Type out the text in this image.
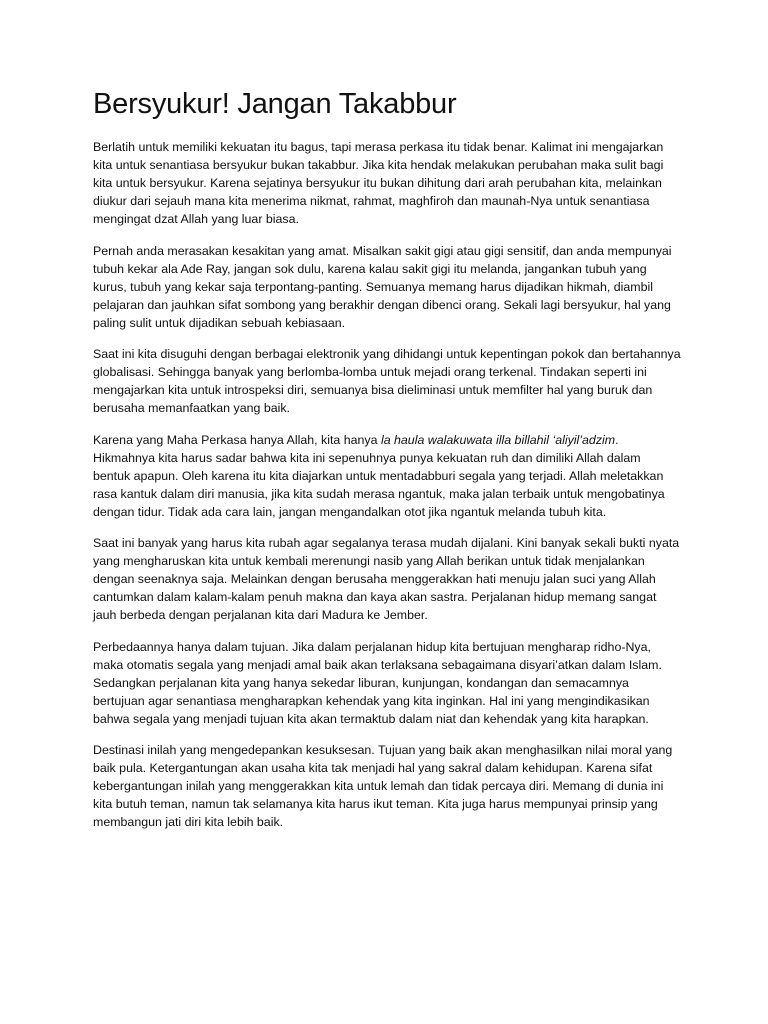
Bersyukur! Jangan Takabbur

Berlatih untuk memiliki kekuatan itu bagus, tapi merasa perkasa itu tidak benar. Kalimat ini mengajarkan kita untuk senantiasa bersyukur bukan takabbur. Jika kita hendak melakukan perubahan maka sulit bagi kita untuk bersyukur. Karena sejatinya bersyukur itu bukan dihitung dari arah perubahan kita, melainkan diukur dari sejauh mana kita menerima nikmat, rahmat, maghfiroh dan maunah-Nya untuk senantiasa mengingat dzat Allah yang luar biasa.

Pernah anda merasakan kesakitan yang amat. Misalkan sakit gigi atau gigi sensitif, dan anda mempunyai tubuh kekar ala Ade Ray, jangan sok dulu, karena kalau sakit gigi itu melanda, jangankan tubuh yang kurus, tubuh yang kekar saja terpontang-panting. Semuanya memang harus dijadikan hikmah, diambil pelajaran dan jauhkan sifat sombong yang berakhir dengan dibenci orang. Sekali lagi bersyukur, hal yang paling sulit untuk dijadikan sebuah kebiasaan.

Saat ini kita disuguhi dengan berbagai elektronik yang dihidangi untuk kepentingan pokok dan bertahannya globalisasi. Sehingga banyak yang berlomba-lomba untuk mejadi orang terkenal. Tindakan seperti ini mengajarkan kita untuk introspeksi diri, semuanya bisa dieliminasi untuk memfilter hal yang buruk dan berusaha memanfaatkan yang baik.

Karena yang Maha Perkasa hanya Allah, kita hanya la haula walakuwata illa billahil ‘aliyil’adzim. Hikmahnya kita harus sadar bahwa kita ini sepenuhnya punya kekuatan ruh dan dimiliki Allah dalam bentuk apapun. Oleh karena itu kita diajarkan untuk mentadabburi segala yang terjadi. Allah meletakkan rasa kantuk dalam diri manusia, jika kita sudah merasa ngantuk, maka jalan terbaik untuk mengobatinya dengan tidur. Tidak ada cara lain, jangan mengandalkan otot jika ngantuk melanda tubuh kita.

Saat ini banyak yang harus kita rubah agar segalanya terasa mudah dijalani. Kini banyak sekali bukti nyata yang mengharuskan kita untuk kembali merenungi nasib yang Allah berikan untuk tidak menjalankan dengan seenaknya saja. Melainkan dengan berusaha menggerakkan hati menuju jalan suci yang Allah cantumkan dalam kalam-kalam penuh makna dan kaya akan sastra. Perjalanan hidup memang sangat jauh berbeda dengan perjalanan kita dari Madura ke Jember.

Perbedaannya hanya dalam tujuan. Jika dalam perjalanan hidup kita bertujuan mengharap ridho-Nya, maka otomatis segala yang menjadi amal baik akan terlaksana sebagaimana disyari’atkan dalam Islam. Sedangkan perjalanan kita yang hanya sekedar liburan, kunjungan, kondangan dan semacamnya bertujuan agar senantiasa mengharapkan kehendak yang kita inginkan. Hal ini yang mengindikasikan bahwa segala yang menjadi tujuan kita akan termaktub dalam niat dan kehendak yang kita harapkan.

Destinasi inilah yang mengedepankan kesuksesan. Tujuan yang baik akan menghasilkan nilai moral yang baik pula. Ketergantungan akan usaha kita tak menjadi hal yang sakral dalam kehidupan. Karena sifat kebergantungan inilah yang menggerakkan kita untuk lemah dan tidak percaya diri. Memang di dunia ini kita butuh teman, namun tak selamanya kita harus ikut teman. Kita juga harus mempunyai prinsip yang membangun jati diri kita lebih baik.
